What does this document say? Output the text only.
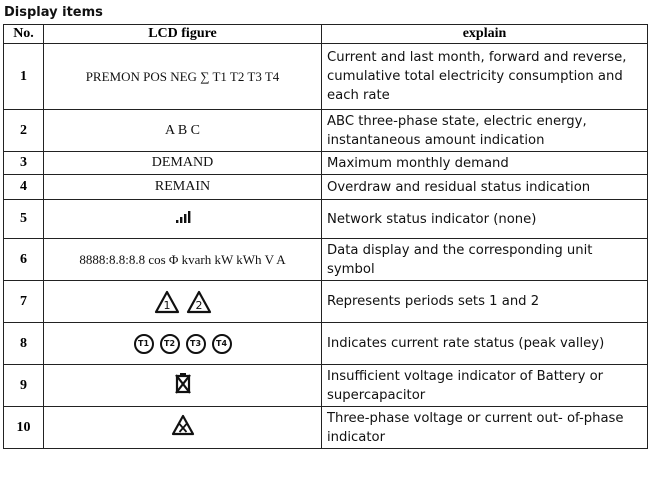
Display items
No.	LCD figure	explain
1	PREMON POS NEG ∑ T1 T2 T3 T4	Current and last month, forward and reverse, cumulative total electricity consumption and each rate
2	A B C	ABC three-phase state, electric energy, instantaneous amount indication
3	DEMAND	Maximum monthly demand
4	REMAIN	Overdraw and residual status indication
5		Network status indicator (none)
6	8888:8.8:8.8 cos Φ kvarh kW kWh V A	Data display and the corresponding unit symbol
7	1 2	Represents periods sets 1 and 2
8	T1 T2 T3 T4	Indicates current rate status (peak valley)
9		Insufficient voltage indicator of Battery or supercapacitor
10		Three-phase voltage or current out- of-phase indicator
